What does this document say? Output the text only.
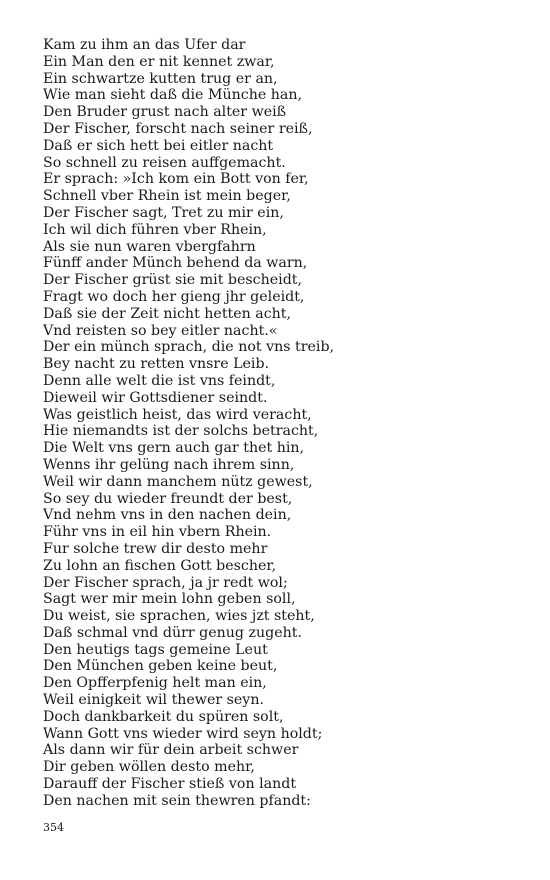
Kam zu ihm an das Ufer dar
Ein Man den er nit kennet zwar,
Ein schwartze kutten trug er an,
Wie man sieht daß die Münche han,
Den Bruder grust nach alter weiß
Der Fischer, forscht nach seiner reiß,
Daß er sich hett bei eitler nacht
So schnell zu reisen auffgemacht.
Er sprach: »Ich kom ein Bott von fer,
Schnell vber Rhein ist mein beger,
Der Fischer sagt, Tret zu mir ein,
Ich wil dich führen vber Rhein,
Als sie nun waren vbergfahrn
Fünff ander Münch behend da warn,
Der Fischer grüst sie mit bescheidt,
Fragt wo doch her gieng jhr geleidt,
Daß sie der Zeit nicht hetten acht,
Vnd reisten so bey eitler nacht.«
Der ein münch sprach, die not vns treib,
Bey nacht zu retten vnsre Leib.
Denn alle welt die ist vns feindt,
Dieweil wir Gottsdiener seindt.
Was geistlich heist, das wird veracht,
Hie niemandts ist der solchs betracht,
Die Welt vns gern auch gar thet hin,
Wenns ihr gelüng nach ihrem sinn,
Weil wir dann manchem nütz gewest,
So sey du wieder freundt der best,
Vnd nehm vns in den nachen dein,
Führ vns in eil hin vbern Rhein.
Fur solche trew dir desto mehr
Zu lohn an fischen Gott bescher,
Der Fischer sprach, ja jr redt wol;
Sagt wer mir mein lohn geben soll,
Du weist, sie sprachen, wies jzt steht,
Daß schmal vnd dürr genug zugeht.
Den heutigs tags gemeine Leut
Den München geben keine beut,
Den Opfferpfenig helt man ein,
Weil einigkeit wil thewer seyn.
Doch dankbarkeit du spüren solt,
Wann Gott vns wieder wird seyn holdt;
Als dann wir für dein arbeit schwer
Dir geben wöllen desto mehr,
Darauff der Fischer stieß von landt
Den nachen mit sein thewren pfandt:
354
